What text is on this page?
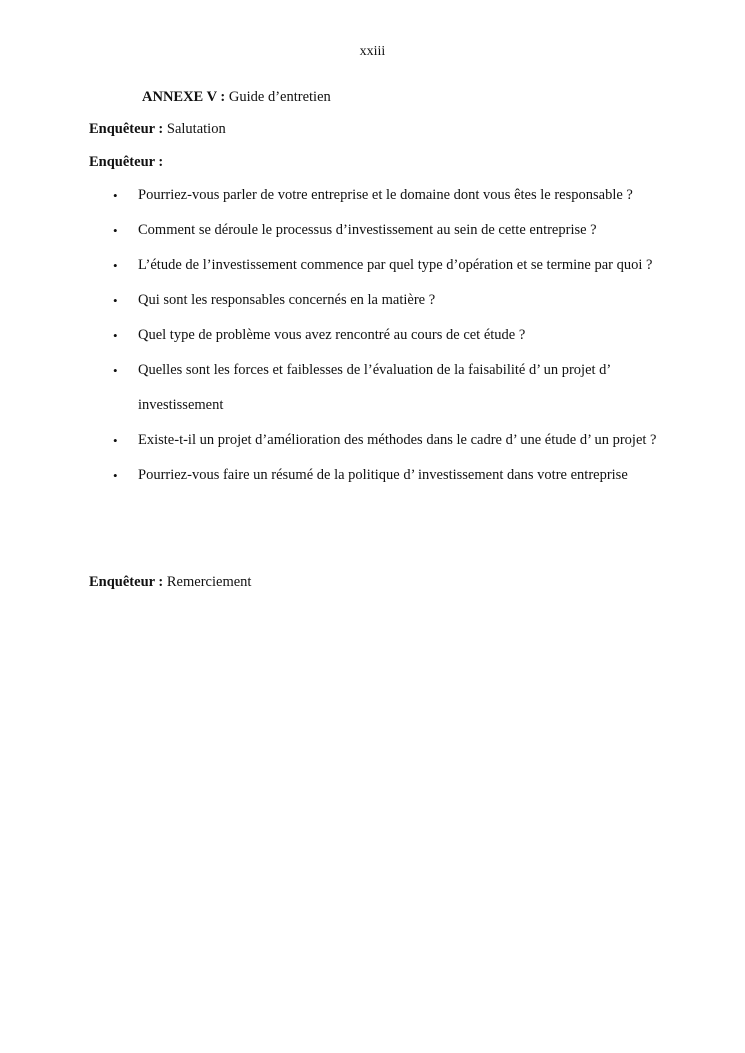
xxiii
ANNEXE V : Guide d’entretien
Enquêteur : Salutation
Enquêteur :
• Pourriez-vous parler de votre entreprise et le domaine dont vous êtes le responsable ?
• Comment se déroule le processus d’investissement au sein de cette entreprise ?
• L’étude de l’investissement commence par quel type d’opération et se termine par quoi ?
• Qui sont les responsables concernés en la matière ?
• Quel type de problème vous avez rencontré au cours de cet étude ?
• Quelles sont les forces et faiblesses de l’évaluation de la faisabilité d’ un projet d’ investissement
• Existe-t-il un projet d’amélioration des méthodes dans le cadre d’ une étude d’ un projet ?
• Pourriez-vous faire un résumé de la politique d’ investissement dans votre entreprise
Enquêteur : Remerciement
